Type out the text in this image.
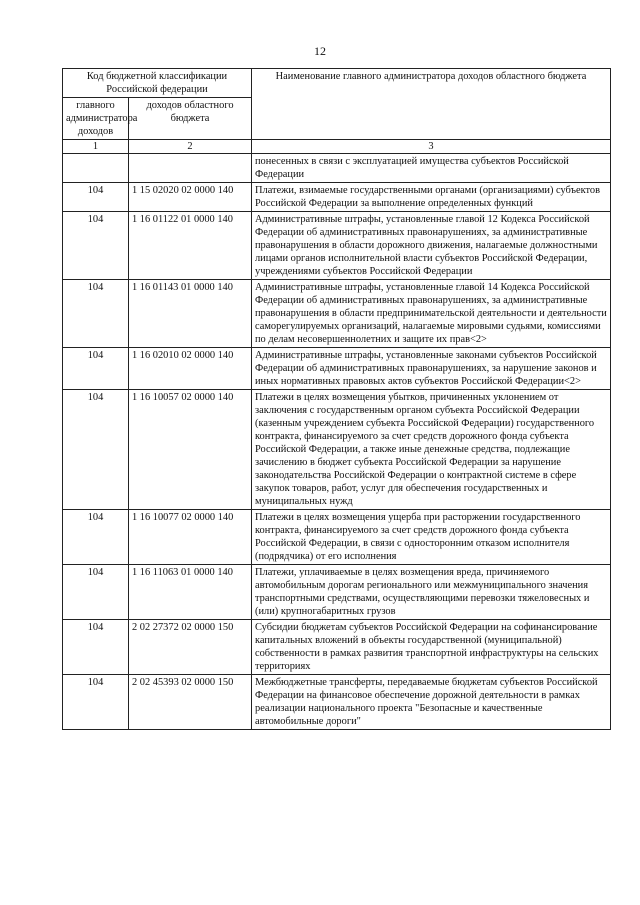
12
Код бюджетной классификации Российской федерации		Наименование главного администратора доходов областного бюджета
главного администратора доходов	доходов областного бюджета	
1	2	3
		понесенных в связи с эксплуатацией имущества субъектов Российской Федерации
104	1 15 02020 02 0000 140	Платежи, взимаемые государственными органами (организациями) субъектов Российской Федерации за выполнение определенных функций
104	1 16 01122 01 0000 140	Административные штрафы, установленные главой 12 Кодекса Российской Федерации об административных правонарушениях, за административные правонарушения в области дорожного движения, налагаемые должностными лицами органов исполнительной власти субъектов Российской Федерации, учреждениями субъектов Российской Федерации
104	1 16 01143 01 0000 140	Административные штрафы, установленные главой 14 Кодекса Российской Федерации об административных правонарушениях, за административные правонарушения в области предпринимательской деятельности и деятельности саморегулируемых организаций, налагаемые мировыми судьями, комиссиями по делам несовершеннолетних и защите их прав<2>
104	1 16 02010 02 0000 140	Административные штрафы, установленные законами субъектов Российской Федерации об административных правонарушениях, за нарушение законов и иных нормативных правовых актов субъектов Российской Федерации<2>
104	1 16 10057 02 0000 140	Платежи в целях возмещения убытков, причиненных уклонением от заключения с государственным органом субъекта Российской Федерации (казенным учреждением субъекта Российской Федерации) государственного контракта, финансируемого за счет средств дорожного фонда субъекта Российской Федерации, а также иные денежные средства, подлежащие зачислению в бюджет субъекта Российской Федерации за нарушение законодательства Российской Федерации о контрактной системе в сфере закупок товаров, работ, услуг для обеспечения государственных и муниципальных нужд
104	1 16 10077 02 0000 140	Платежи в целях возмещения ущерба при расторжении государственного контракта, финансируемого за счет средств дорожного фонда субъекта Российской Федерации, в связи с односторонним отказом исполнителя (подрядчика) от его исполнения
104	1 16 11063 01 0000 140	Платежи, уплачиваемые в целях возмещения вреда, причиняемого автомобильным дорогам регионального или межмуниципального значения транспортными средствами, осуществляющими перевозки тяжеловесных и (или) крупногабаритных грузов
104	2 02 27372 02 0000 150	Субсидии бюджетам субъектов Российской Федерации на софинансирование капитальных вложений в объекты государственной (муниципальной) собственности в рамках развития транспортной инфраструктуры на сельских территориях
104	2 02 45393 02 0000 150	Межбюджетные трансферты, передаваемые бюджетам субъектов Российской Федерации на финансовое обеспечение дорожной деятельности в рамках реализации национального проекта "Безопасные и качественные автомобильные дороги"
